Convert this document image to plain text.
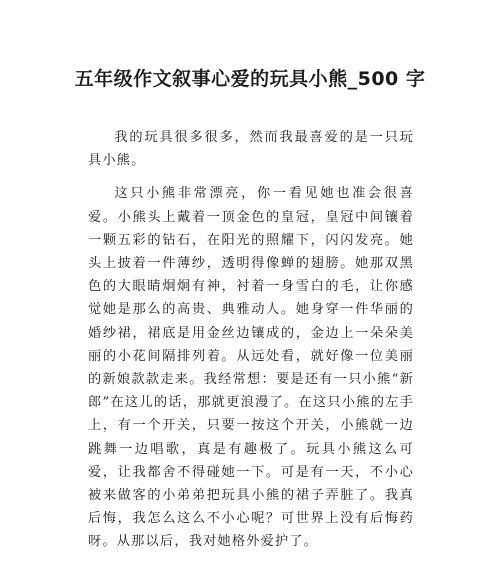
五年级作文叙事心爱的玩具小熊_500 字

我的玩具很多很多，然而我最喜爱的是一只玩具小熊。

这只小熊非常漂亮，你一看见她也准会很喜爱。小熊头上戴着一顶金色的皇冠，皇冠中间镶着一颗五彩的钻石，在阳光的照耀下，闪闪发亮。她头上披着一件薄纱，透明得像蝉的翅膀。她那双黑色的大眼睛炯炯有神，衬着一身雪白的毛，让你感觉她是那么的高贵、典雅动人。她身穿一件华丽的婚纱裙，裙底是用金丝边镶成的，金边上一朵朵美丽的小花间隔排列着。从远处看，就好像一位美丽的新娘款款走来。我经常想：要是还有一只小熊“新郎”在这儿的话，那就更浪漫了。在这只小熊的左手上，有一个开关，只要一按这个开关，小熊就一边跳舞一边唱歌，真是有趣极了。玩具小熊这么可爱，让我都舍不得碰她一下。可是有一天，不小心被来做客的小弟弟把玩具小熊的裙子弄脏了。我真后悔，我怎么这么不小心呢？可世界上没有后悔药呀。从那以后，我对她格外爱护了。
